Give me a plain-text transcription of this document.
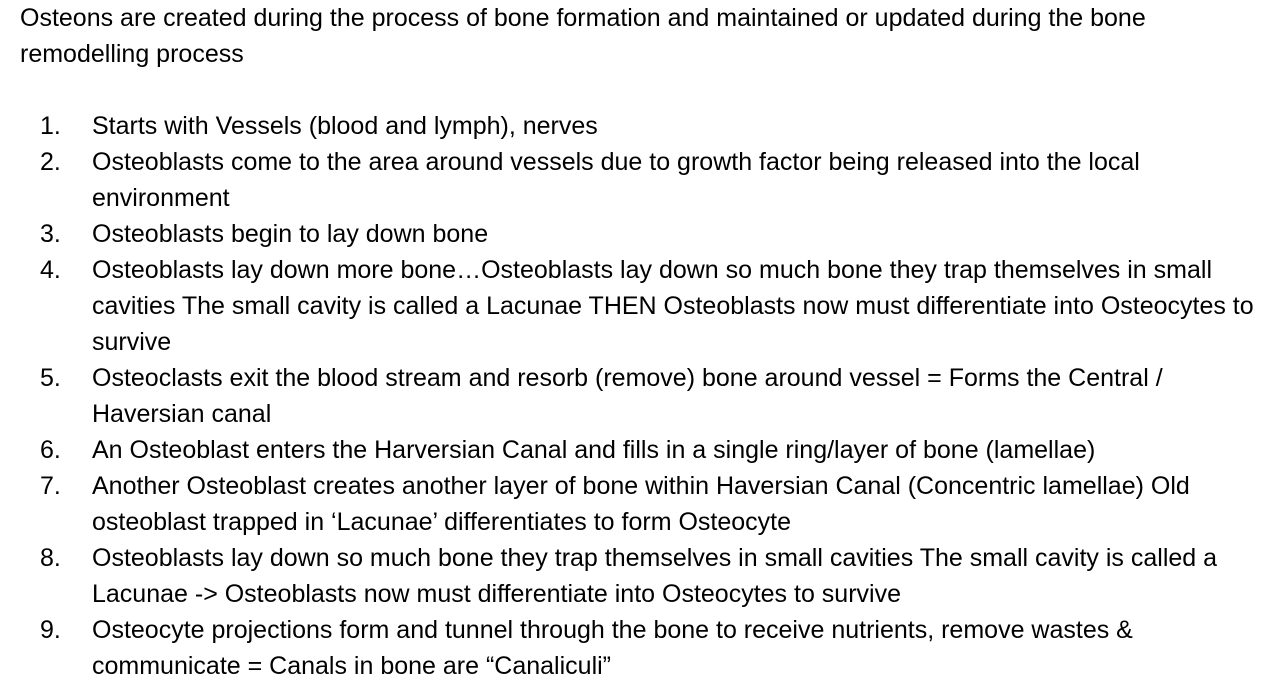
Osteons are created during the process of bone formation and maintained or updated during the bone remodelling process

1.	Starts with Vessels (blood and lymph), nerves
2.	Osteoblasts come to the area around vessels due to growth factor being released into the local environment
3.	Osteoblasts begin to lay down bone
4.	Osteoblasts lay down more bone…Osteoblasts lay down so much bone they trap themselves in small cavities The small cavity is called a Lacunae THEN Osteoblasts now must differentiate into Osteocytes to survive
5.	Osteoclasts exit the blood stream and resorb (remove) bone around vessel = Forms the Central / Haversian canal
6.	An Osteoblast enters the Harversian Canal and fills in a single ring/layer of bone (lamellae)
7.	Another Osteoblast creates another layer of bone within Haversian Canal (Concentric lamellae) Old osteoblast trapped in ‘Lacunae’ differentiates to form Osteocyte
8.	Osteoblasts lay down so much bone they trap themselves in small cavities The small cavity is called a Lacunae -> Osteoblasts now must differentiate into Osteocytes to survive
9.	Osteocyte projections form and tunnel through the bone to receive nutrients, remove wastes & communicate = Canals in bone are “Canaliculi”
